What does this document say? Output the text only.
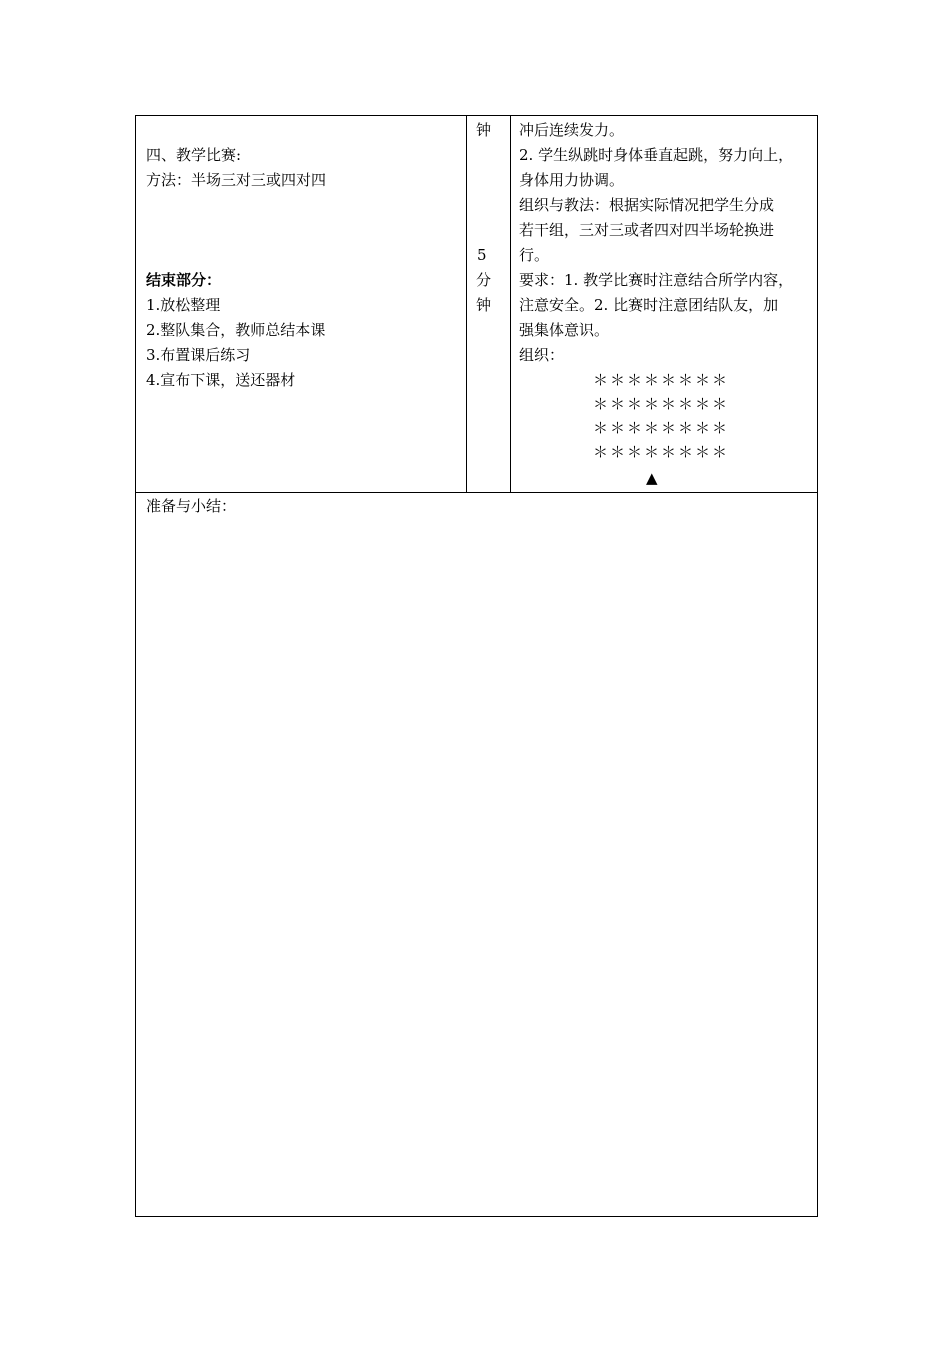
四、教学比赛:
方法：半场三对三或四对四
结束部分：
1.放松整理
2.整队集合，教师总结本课
3.布置课后练习
4.宣布下课，送还器材
钟
5
分
钟
冲后连续发力。
2. 学生纵跳时身体垂直起跳，努力向上，
身体用力协调。
组织与教法：根据实际情况把学生分成
若干组，三对三或者四对四半场轮换进
行。
要求：1. 教学比赛时注意结合所学内容，
注意安全。2. 比赛时注意团结队友，加
强集体意识。
组织：
＊＊＊＊＊＊＊＊
＊＊＊＊＊＊＊＊
＊＊＊＊＊＊＊＊
＊＊＊＊＊＊＊＊
▲
准备与小结：
